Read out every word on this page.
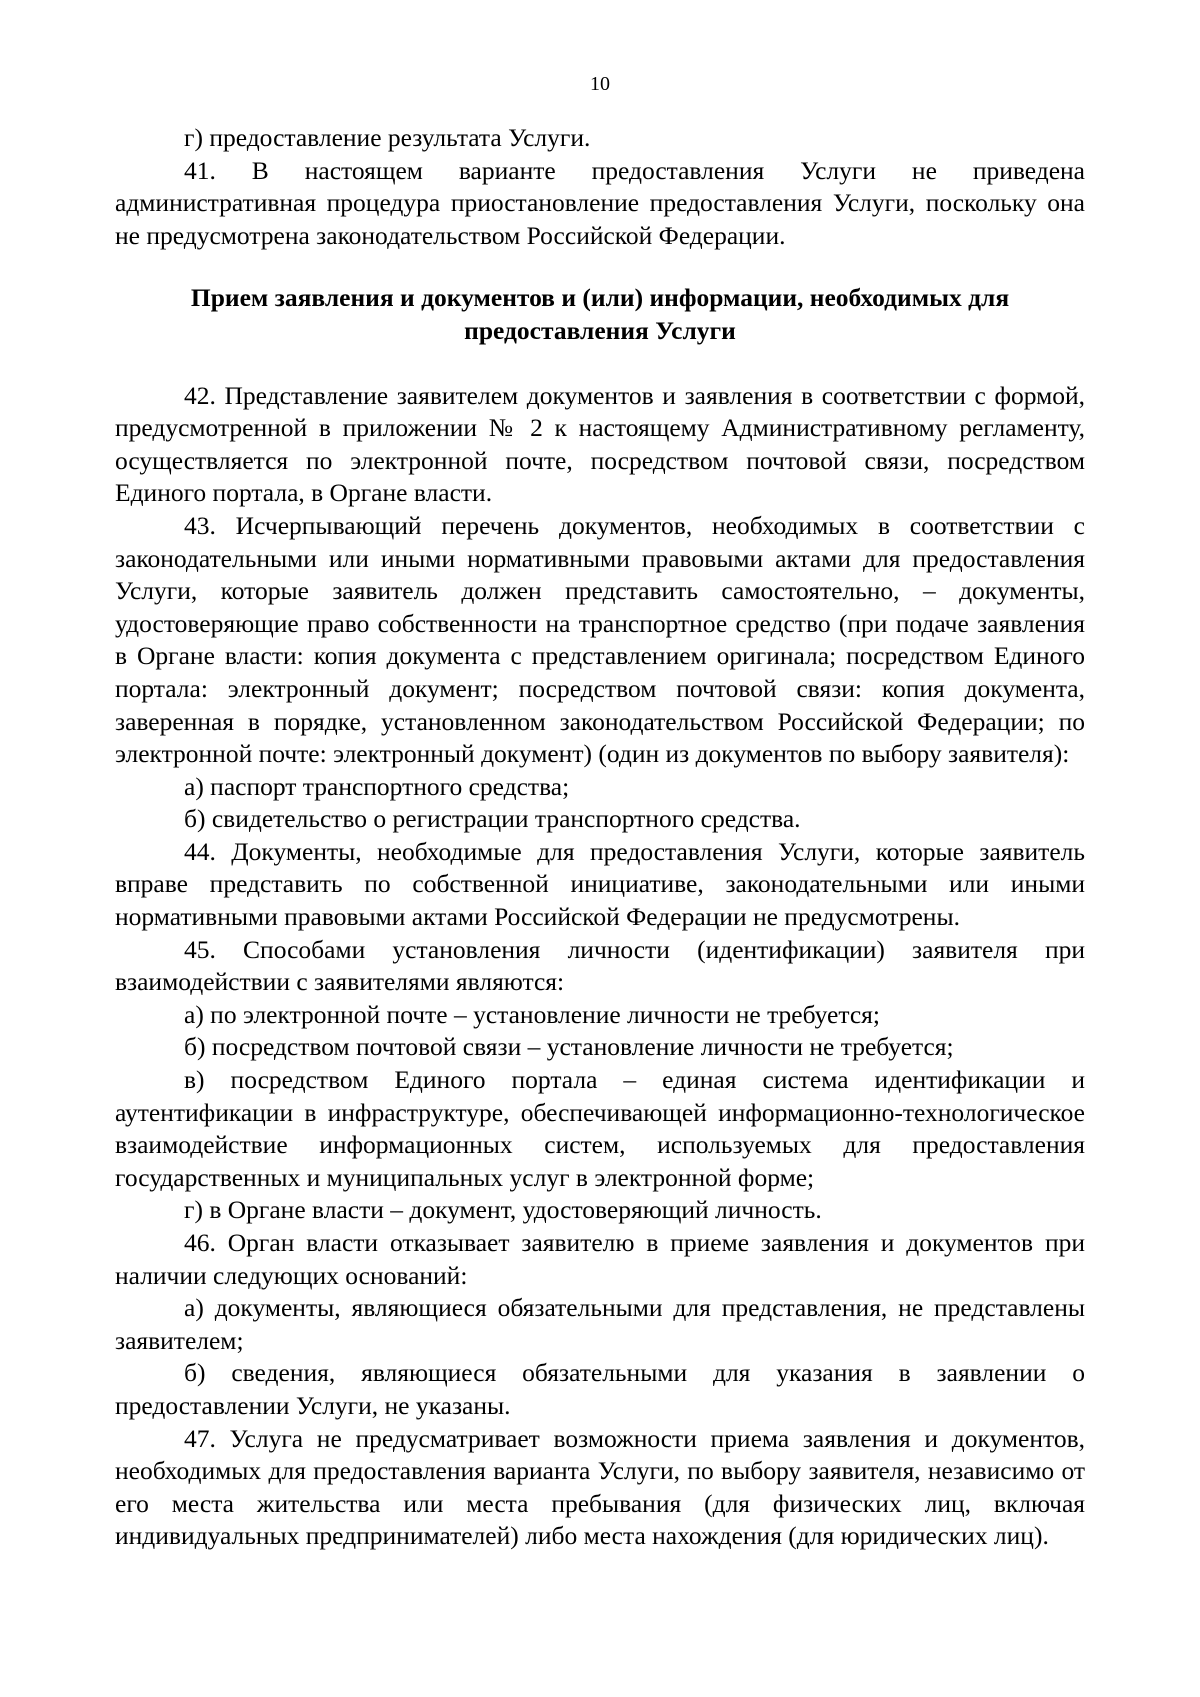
10

г) предоставление результата Услуги.

41. В настоящем варианте предоставления Услуги не приведена административная процедура приостановление предоставления Услуги, поскольку она не предусмотрена законодательством Российской Федерации.

Прием заявления и документов и (или) информации, необходимых для
предоставления Услуги

42. Представление заявителем документов и заявления в соответствии с формой, предусмотренной в приложении № 2 к настоящему Административному регламенту, осуществляется по электронной почте, посредством почтовой связи, посредством Единого портала, в Органе власти.

43. Исчерпывающий перечень документов, необходимых в соответствии с законодательными или иными нормативными правовыми актами для предоставления Услуги, которые заявитель должен представить самостоятельно, – документы, удостоверяющие право собственности на транспортное средство (при подаче заявления в Органе власти: копия документа с представлением оригинала; посредством Единого портала: электронный документ; посредством почтовой связи: копия документа, заверенная в порядке, установленном законодательством Российской Федерации; по электронной почте: электронный документ) (один из документов по выбору заявителя):

а) паспорт транспортного средства;

б) свидетельство о регистрации транспортного средства.

44. Документы, необходимые для предоставления Услуги, которые заявитель вправе представить по собственной инициативе, законодательными или иными нормативными правовыми актами Российской Федерации не предусмотрены.

45. Способами установления личности (идентификации) заявителя при взаимодействии с заявителями являются:

а) по электронной почте – установление личности не требуется;

б) посредством почтовой связи – установление личности не требуется;

в) посредством Единого портала – единая система идентификации и аутентификации в инфраструктуре, обеспечивающей информационно-технологическое взаимодействие информационных систем, используемых для предоставления государственных и муниципальных услуг в электронной форме;

г) в Органе власти – документ, удостоверяющий личность.

46. Орган власти отказывает заявителю в приеме заявления и документов при наличии следующих оснований:

а) документы, являющиеся обязательными для представления, не представлены заявителем;

б) сведения, являющиеся обязательными для указания в заявлении о предоставлении Услуги, не указаны.

47. Услуга не предусматривает возможности приема заявления и документов, необходимых для предоставления варианта Услуги, по выбору заявителя, независимо от его места жительства или места пребывания (для физических лиц, включая индивидуальных предпринимателей) либо места нахождения (для юридических лиц).
